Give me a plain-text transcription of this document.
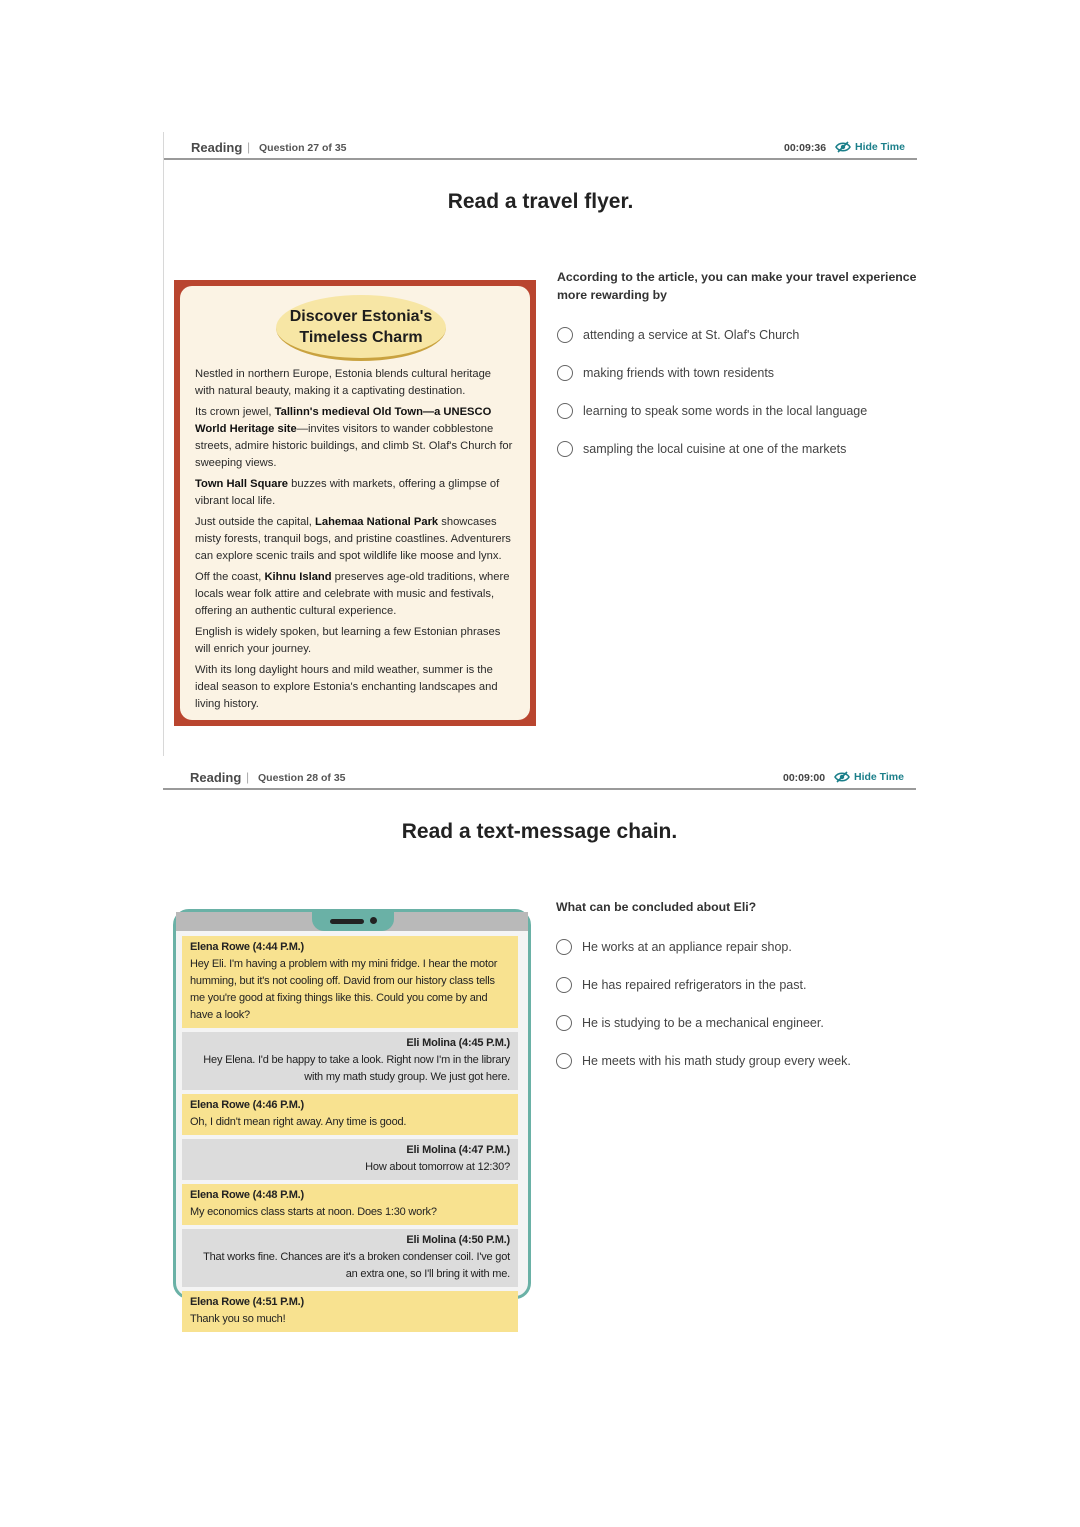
Reading | Question 27 of 35	00:09:36	Hide Time
Read a travel flyer.
Discover Estonia's
Timeless Charm

Nestled in northern Europe, Estonia blends cultural heritage with natural beauty, making it a captivating destination.

Its crown jewel, Tallinn's medieval Old Town—a UNESCO World Heritage site—invites visitors to wander cobblestone streets, admire historic buildings, and climb St. Olaf's Church for sweeping views.

Town Hall Square buzzes with markets, offering a glimpse of vibrant local life.

Just outside the capital, Lahemaa National Park showcases misty forests, tranquil bogs, and pristine coastlines. Adventurers can explore scenic trails and spot wildlife like moose and lynx.

Off the coast, Kihnu Island preserves age-old traditions, where locals wear folk attire and celebrate with music and festivals, offering an authentic cultural experience.

English is widely spoken, but learning a few Estonian phrases will enrich your journey.

With its long daylight hours and mild weather, summer is the ideal season to explore Estonia's enchanting landscapes and living history.

According to the article, you can make your travel experience more rewarding by
attending a service at St. Olaf's Church
making friends with town residents
learning to speak some words in the local language
sampling the local cuisine at one of the markets
Reading | Question 28 of 35	00:09:00	Hide Time
Read a text-message chain.
Elena Rowe (4:44 P.M.)
Hey Eli. I'm having a problem with my mini fridge. I hear the motor humming, but it's not cooling off. David from our history class tells me you're good at fixing things like this. Could you come by and have a look?
Eli Molina (4:45 P.M.)
Hey Elena. I'd be happy to take a look. Right now I'm in the library with my math study group. We just got here.
Elena Rowe (4:46 P.M.)
Oh, I didn't mean right away. Any time is good.
Eli Molina (4:47 P.M.)
How about tomorrow at 12:30?
Elena Rowe (4:48 P.M.)
My economics class starts at noon. Does 1:30 work?
Eli Molina (4:50 P.M.)
That works fine. Chances are it's a broken condenser coil. I've got an extra one, so I'll bring it with me.
Elena Rowe (4:51 P.M.)
Thank you so much!
What can be concluded about Eli?
He works at an appliance repair shop.
He has repaired refrigerators in the past.
He is studying to be a mechanical engineer.
He meets with his math study group every week.
